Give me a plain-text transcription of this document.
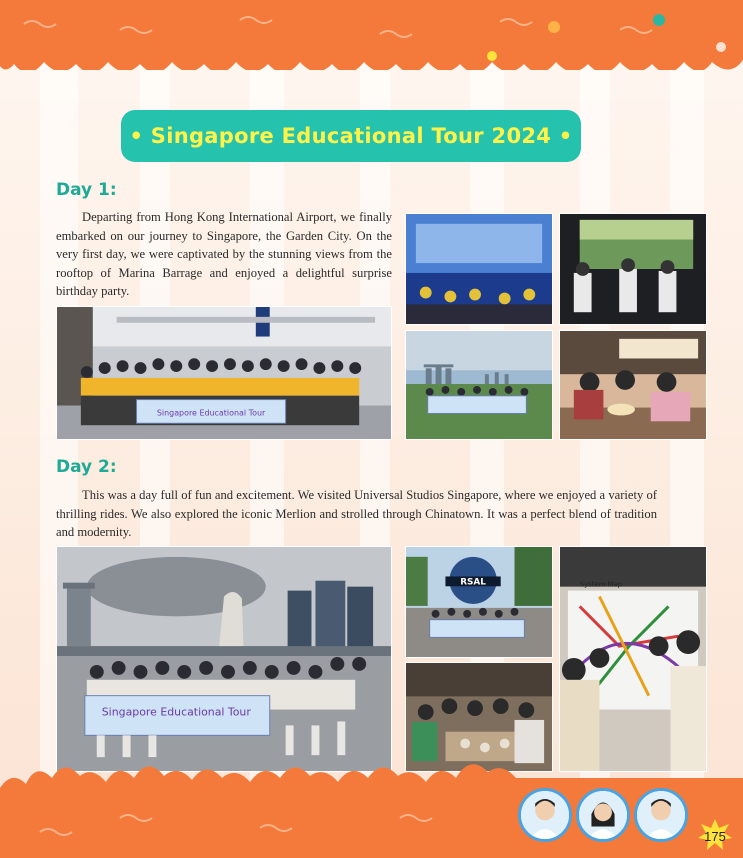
• Singapore Educational Tour 2024 •
Day 1:
Departing from Hong Kong International Airport, we finally embarked on our journey to Singapore, the Garden City. On the very first day, we were captivated by the stunning views from the rooftop of Marina Barrage and enjoyed a delightful surprise birthday party.
Singapore Educational Tour
Day 2:
This was a day full of fun and excitement. We visited Universal Studios Singapore, where we enjoyed a variety of thrilling rides. We also explored the iconic Merlion and strolled through Chinatown. It was a perfect blend of tradition and modernity.
Singapore Educational Tour
RSAL	System Map
175
